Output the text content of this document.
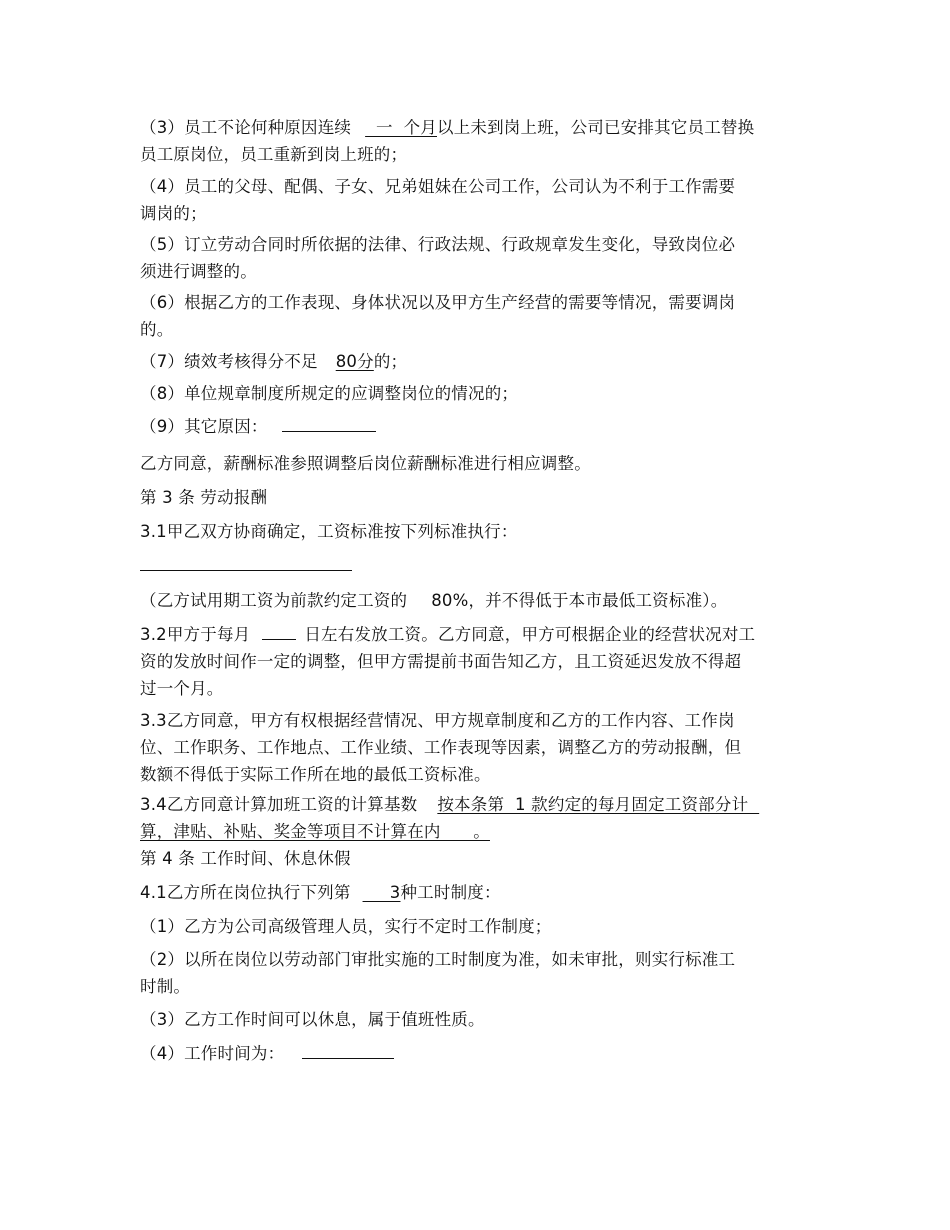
（3）员工不论何种原因连续  一  个月以上未到岗上班，公司已安排其它员工替换
员工原岗位，员工重新到岗上班的；
（4）员工的父母、配偶、子女、兄弟姐妹在公司工作，公司认为不利于工作需要
调岗的；
（5）订立劳动合同时所依据的法律、行政法规、行政规章发生变化，导致岗位必
须进行调整的。
（6）根据乙方的工作表现、身体状况以及甲方生产经营的需要等情况，需要调岗
的。
（7）绩效考核得分不足 80分的；
（8）单位规章制度所规定的应调整岗位的情况的；
（9）其它原因：
乙方同意，薪酬标准参照调整后岗位薪酬标准进行相应调整。
第 3 条 劳动报酬
3.1甲乙双方协商确定，工资标准按下列标准执行：
（乙方试用期工资为前款约定工资的 80%，并不得低于本市最低工资标准）。
3.2甲方于每月	日左右发放工资。乙方同意，甲方可根据企业的经营状况对工
资的发放时间作一定的调整，但甲方需提前书面告知乙方，且工资延迟发放不得超
过一个月。
3.3乙方同意，甲方有权根据经营情况、甲方规章制度和乙方的工作内容、工作岗
位、工作职务、工作地点、工作业绩、工作表现等因素，调整乙方的劳动报酬，但
数额不得低于实际工作所在地的最低工资标准。
3.4乙方同意计算加班工资的计算基数 按本条第  1 款约定的每月固定工资部分计
算，津贴、补贴、奖金等项目不计算在内      。
第 4 条 工作时间、休息休假
4.1乙方所在岗位执行下列第     3种工时制度：
（1）乙方为公司高级管理人员，实行不定时工作制度；
（2）以所在岗位以劳动部门审批实施的工时制度为准，如未审批，则实行标准工
时制。
（3）乙方工作时间可以休息，属于值班性质。
（4）工作时间为：
